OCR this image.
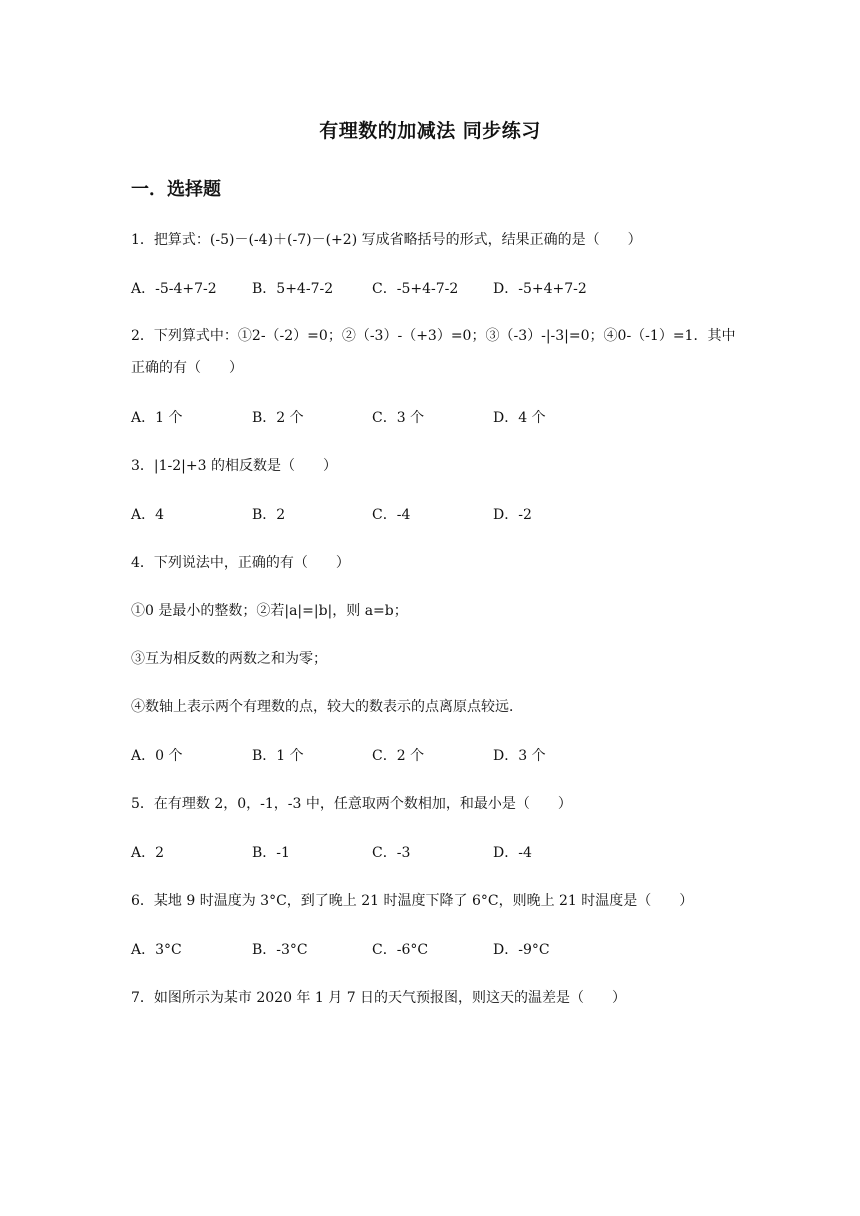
有理数的加减法 同步练习
一．选择题
1．把算式：(-5)－(-4)＋(-7)－(+2) 写成省略括号的形式，结果正确的是（　　）
A．-5-4+7-2	B．5+4-7-2	C．-5+4-7-2 D．-5+4+7-2
2．下列算式中：①2-（-2）=0；②（-3）-（+3）=0；③（-3）-|-3|=0；④0-（-1）=1．其中
正确的有（　　）
A．1 个	B．2 个	C．3 个	D．4 个
3．|1-2|+3 的相反数是（　　）
A．4	B．2	C．-4	D．-2
4．下列说法中，正确的有（　　）
①0 是最小的整数；②若|a|=|b|，则 a=b；
③互为相反数的两数之和为零；
④数轴上表示两个有理数的点，较大的数表示的点离原点较远．
A．0 个	B．1 个	C．2 个	D．3 个
5．在有理数 2，0，-1，-3 中，任意取两个数相加，和最小是（　　）
A．2	B．-1	C．-3	D．-4
6．某地 9 时温度为 3°C，到了晚上 21 时温度下降了 6°C，则晚上 21 时温度是（　　）
A．3°C	B．-3°C	C．-6°C	D．-9°C
7．如图所示为某市 2020 年 1 月 7 日的天气预报图，则这天的温差是（　　）
